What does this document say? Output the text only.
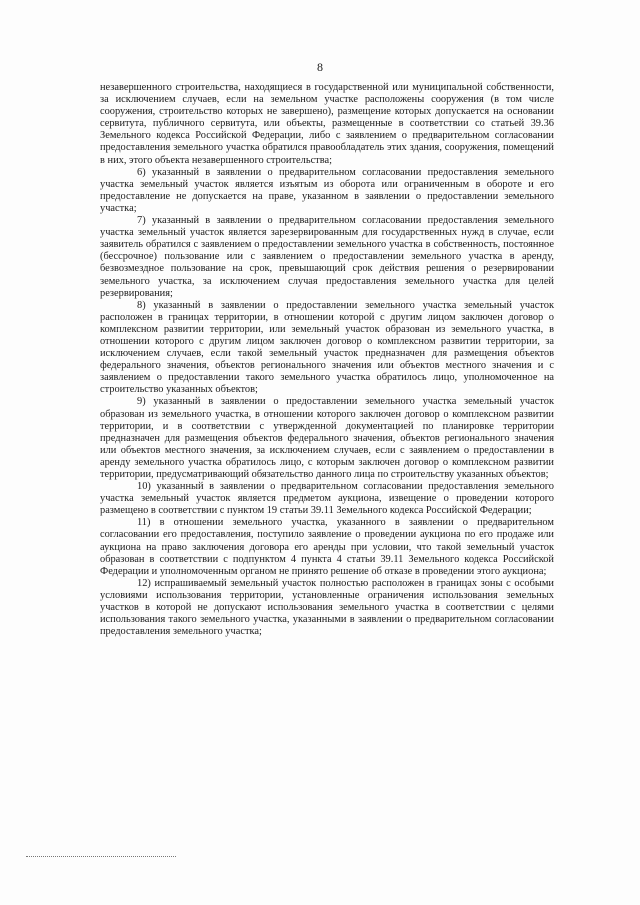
8

незавершенного строительства, находящиеся в государственной или муниципальной собственности, за исключением случаев, если на земельном участке расположены сооружения (в том числе сооружения, строительство которых не завершено), размещение которых допускается на основании сервитута, публичного сервитута, или объекты, размещенные в соответствии со статьей 39.36 Земельного кодекса Российской Федерации, либо с заявлением о предварительном согласовании предоставления земельного участка обратился правообладатель этих здания, сооружения, помещений в них, этого объекта незавершенного строительства;

6) указанный в заявлении о предварительном согласовании предоставления земельного участка земельный участок является изъятым из оборота или ограниченным в обороте и его предоставление не допускается на праве, указанном в заявлении о предоставлении земельного участка;

7) указанный в заявлении о предварительном согласовании предоставления земельного участка земельный участок является зарезервированным для государственных нужд в случае, если заявитель обратился с заявлением о предоставлении земельного участка в собственность, постоянное (бессрочное) пользование или с заявлением о предоставлении земельного участка в аренду, безвозмездное пользование на срок, превышающий срок действия решения о резервировании земельного участка, за исключением случая предоставления земельного участка для целей резервирования;

8) указанный в заявлении о предоставлении земельного участка земельный участок расположен в границах территории, в отношении которой с другим лицом заключен договор о комплексном развитии территории, или земельный участок образован из земельного участка, в отношении которого с другим лицом заключен договор о комплексном развитии территории, за исключением случаев, если такой земельный участок предназначен для размещения объектов федерального значения, объектов регионального значения или объектов местного значения и с заявлением о предоставлении такого земельного участка обратилось лицо, уполномоченное на строительство указанных объектов;

9) указанный в заявлении о предоставлении земельного участка земельный участок образован из земельного участка, в отношении которого заключен договор о комплексном развитии территории, и в соответствии с утвержденной документацией по планировке территории предназначен для размещения объектов федерального значения, объектов регионального значения или объектов местного значения, за исключением случаев, если с заявлением о предоставлении в аренду земельного участка обратилось лицо, с которым заключен договор о комплексном развитии территории, предусматривающий обязательство данного лица по строительству указанных объектов;

10) указанный в заявлении о предварительном согласовании предоставления земельного участка земельный участок является предметом аукциона, извещение о проведении которого размещено в соответствии с пунктом 19 статьи 39.11 Земельного кодекса Российской Федерации;

11) в отношении земельного участка, указанного в заявлении о предварительном согласовании его предоставления, поступило заявление о проведении аукциона по его продаже или аукциона на право заключения договора его аренды при условии, что такой земельный участок образован в соответствии с подпунктом 4 пункта 4 статьи 39.11 Земельного кодекса Российской Федерации и уполномоченным органом не принято решение об отказе в проведении этого аукциона;

12) испрашиваемый земельный участок полностью расположен в границах зоны с особыми условиями использования территории, установленные ограничения использования земельных участков в которой не допускают использования земельного участка в соответствии с целями использования такого земельного участка, указанными в заявлении о предварительном согласовании предоставления земельного участка;
